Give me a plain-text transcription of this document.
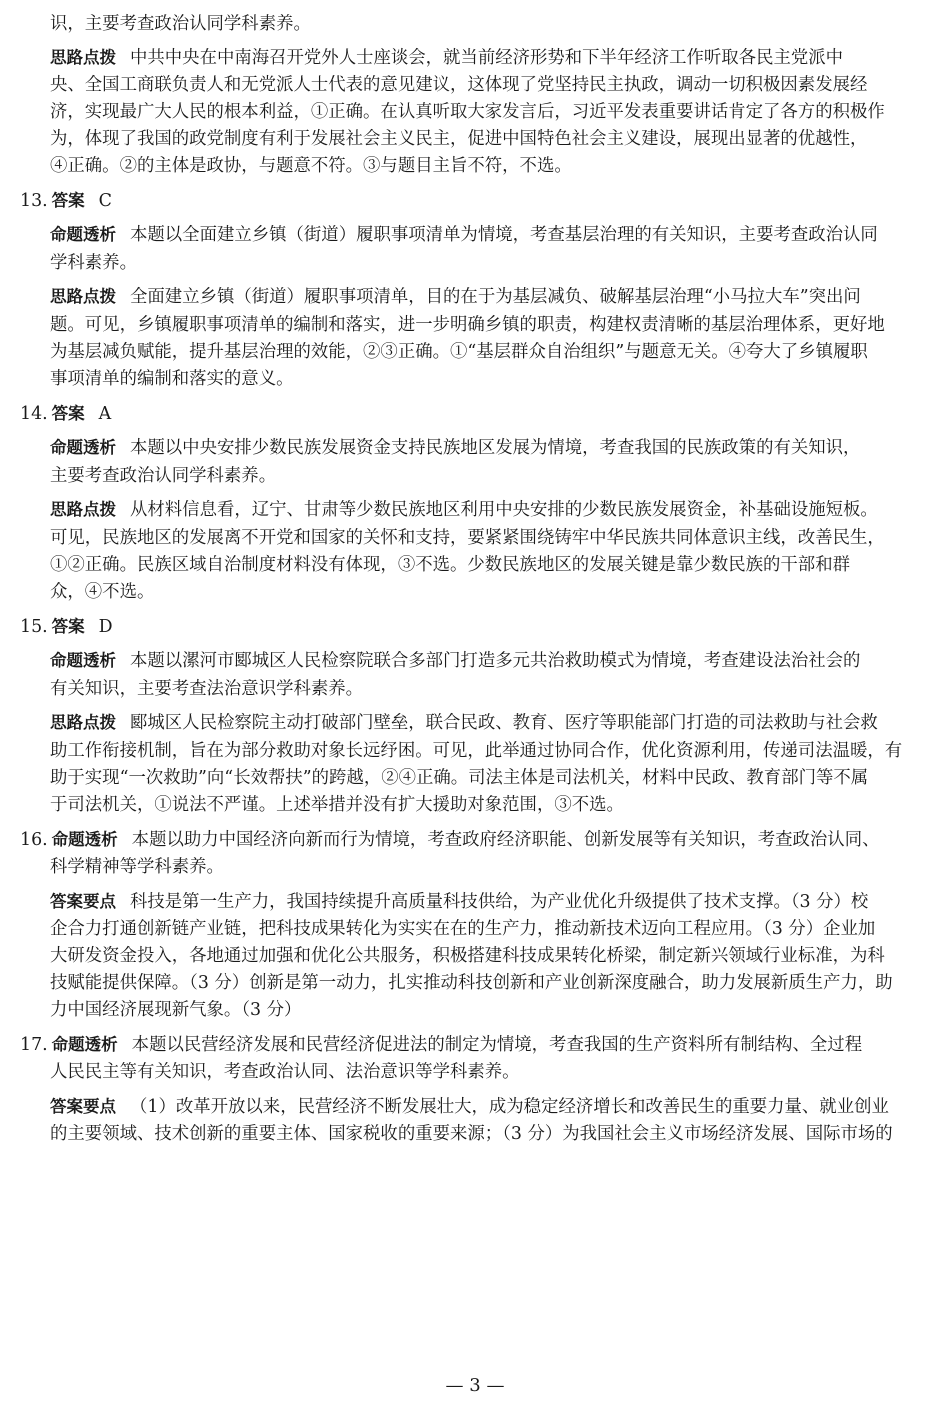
识，主要考查政治认同学科素养。
思路点拨 中共中央在中南海召开党外人士座谈会，就当前经济形势和下半年经济工作听取各民主党派中
央、全国工商联负责人和无党派人士代表的意见建议，这体现了党坚持民主执政，调动一切积极因素发展经
济，实现最广大人民的根本利益，①正确。在认真听取大家发言后，习近平发表重要讲话肯定了各方的积极作
为，体现了我国的政党制度有利于发展社会主义民主，促进中国特色社会主义建设，展现出显著的优越性，
④正确。②的主体是政协，与题意不符。③与题目主旨不符，不选。
13. 答案 C
命题透析 本题以全面建立乡镇（街道）履职事项清单为情境，考查基层治理的有关知识，主要考查政治认同
学科素养。
思路点拨 全面建立乡镇（街道）履职事项清单，目的在于为基层减负、破解基层治理“小马拉大车”突出问
题。可见，乡镇履职事项清单的编制和落实，进一步明确乡镇的职责，构建权责清晰的基层治理体系，更好地
为基层减负赋能，提升基层治理的效能，②③正确。①“基层群众自治组织”与题意无关。④夸大了乡镇履职
事项清单的编制和落实的意义。
14. 答案 A
命题透析 本题以中央安排少数民族发展资金支持民族地区发展为情境，考查我国的民族政策的有关知识，
主要考查政治认同学科素养。
思路点拨 从材料信息看，辽宁、甘肃等少数民族地区利用中央安排的少数民族发展资金，补基础设施短板。
可见，民族地区的发展离不开党和国家的关怀和支持，要紧紧围绕铸牢中华民族共同体意识主线，改善民生，
①②正确。民族区域自治制度材料没有体现，③不选。少数民族地区的发展关键是靠少数民族的干部和群
众，④不选。
15. 答案 D
命题透析 本题以漯河市郾城区人民检察院联合多部门打造多元共治救助模式为情境，考查建设法治社会的
有关知识，主要考查法治意识学科素养。
思路点拨 郾城区人民检察院主动打破部门壁垒，联合民政、教育、医疗等职能部门打造的司法救助与社会救
助工作衔接机制，旨在为部分救助对象长远纾困。可见，此举通过协同合作，优化资源利用，传递司法温暖，有
助于实现“一次救助”向“长效帮扶”的跨越，②④正确。司法主体是司法机关，材料中民政、教育部门等不属
于司法机关，①说法不严谨。上述举措并没有扩大援助对象范围，③不选。
16. 命题透析 本题以助力中国经济向新而行为情境，考查政府经济职能、创新发展等有关知识，考查政治认同、
科学精神等学科素养。
答案要点 科技是第一生产力，我国持续提升高质量科技供给，为产业优化升级提供了技术支撑。（3 分）校
企合力打通创新链产业链，把科技成果转化为实实在在的生产力，推动新技术迈向工程应用。（3 分）企业加
大研发资金投入，各地通过加强和优化公共服务，积极搭建科技成果转化桥梁，制定新兴领域行业标准，为科
技赋能提供保障。（3 分）创新是第一动力，扎实推动科技创新和产业创新深度融合，助力发展新质生产力，助
力中国经济展现新气象。（3 分）
17. 命题透析 本题以民营经济发展和民营经济促进法的制定为情境，考查我国的生产资料所有制结构、全过程
人民民主等有关知识，考查政治认同、法治意识等学科素养。
答案要点 （1）改革开放以来，民营经济不断发展壮大，成为稳定经济增长和改善民生的重要力量、就业创业
的主要领域、技术创新的重要主体、国家税收的重要来源；（3 分）为我国社会主义市场经济发展、国际市场的
— 3 —
